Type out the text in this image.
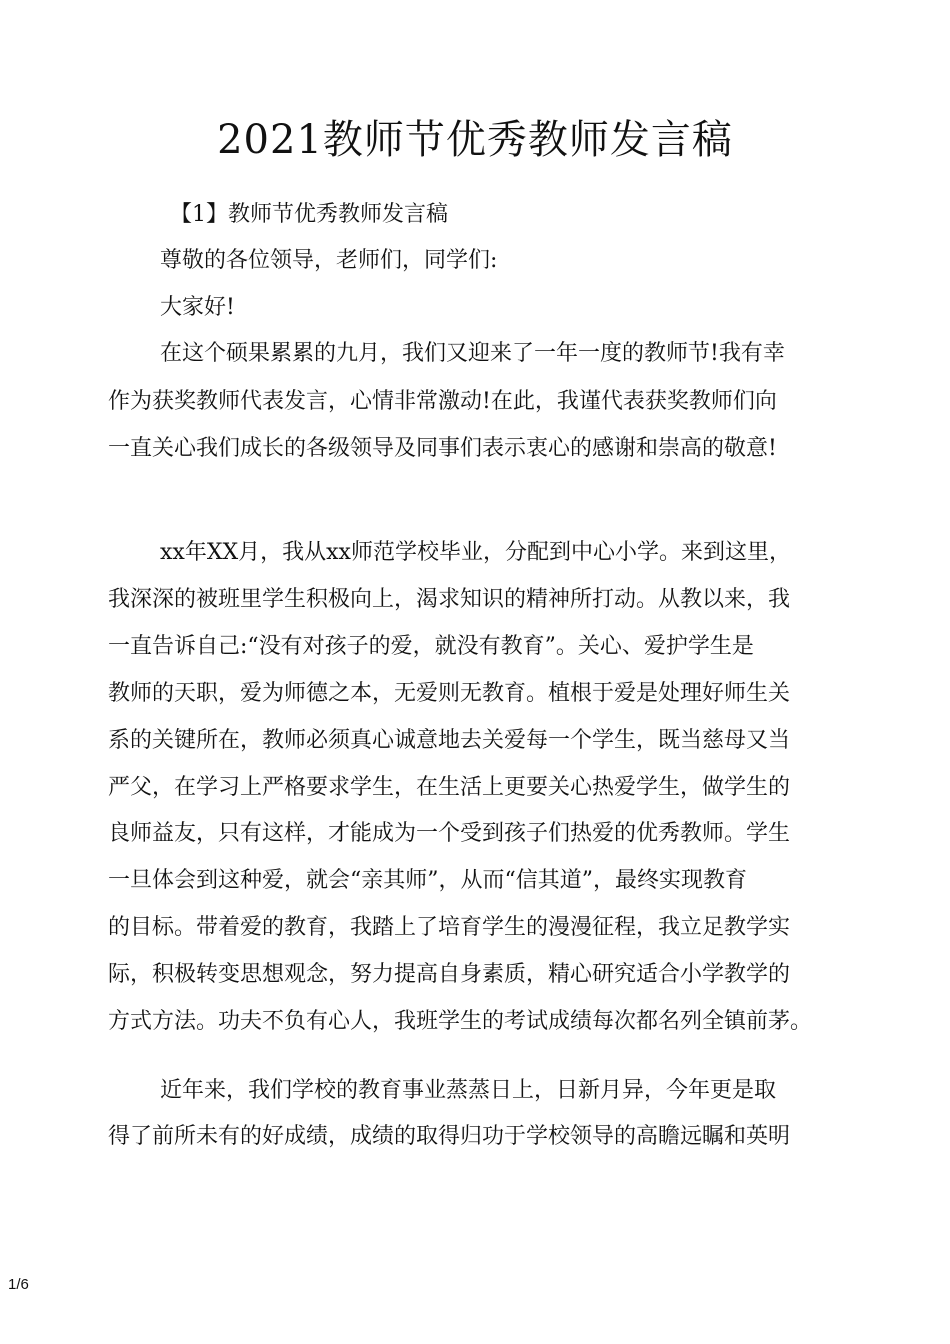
2021教师节优秀教师发言稿

【1】教师节优秀教师发言稿

尊敬的各位领导，老师们，同学们:

大家好!

在这个硕果累累的九月，我们又迎来了一年一度的教师节!我有幸

作为获奖教师代表发言，心情非常激动!在此，我谨代表获奖教师们向

一直关心我们成长的各级领导及同事们表示衷心的感谢和崇高的敬意!

xx年XX月，我从xx师范学校毕业，分配到中心小学。来到这里，

我深深的被班里学生积极向上，渴求知识的精神所打动。从教以来，我

一直告诉自己:“没有对孩子的爱，就没有教育”。关心、爱护学生是

教师的天职，爱为师德之本，无爱则无教育。植根于爱是处理好师生关

系的关键所在，教师必须真心诚意地去关爱每一个学生，既当慈母又当

严父，在学习上严格要求学生，在生活上更要关心热爱学生，做学生的

良师益友，只有这样，才能成为一个受到孩子们热爱的优秀教师。学生

一旦体会到这种爱，就会“亲其师”，从而“信其道”，最终实现教育

的目标。带着爱的教育，我踏上了培育学生的漫漫征程，我立足教学实

际，积极转变思想观念，努力提高自身素质，精心研究适合小学教学的

方式方法。功夫不负有心人，我班学生的考试成绩每次都名列全镇前茅。

近年来，我们学校的教育事业蒸蒸日上，日新月异，今年更是取

得了前所未有的好成绩，成绩的取得归功于学校领导的高瞻远瞩和英明

1/6
